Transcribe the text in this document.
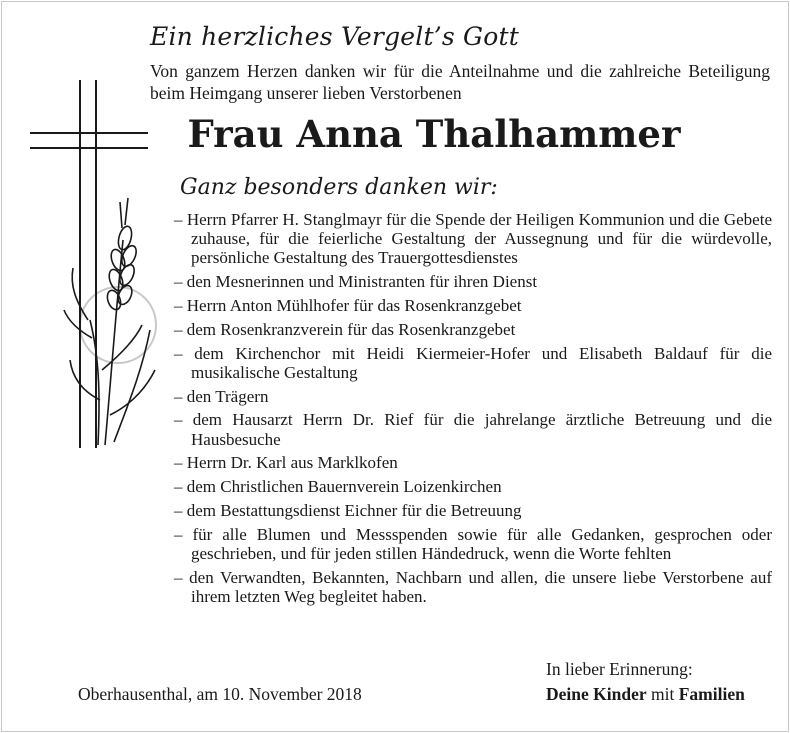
Ein herzliches Vergelt’s Gott
Von ganzem Herzen danken wir für die Anteilnahme und die zahlreiche Beteiligung beim Heimgang unserer lieben Verstorbenen
Frau Anna Thalhammer
Ganz besonders danken wir:
– Herrn Pfarrer H. Stanglmayr für die Spende der Heiligen Kommunion und die Gebete zuhause, für die feierliche Gestaltung der Aussegnung und für die würdevolle, persönliche Gestaltung des Trauergottesdienstes
– den Mesnerinnen und Ministranten für ihren Dienst
– Herrn Anton Mühlhofer für das Rosenkranzgebet
– dem Rosenkranzverein für das Rosenkranzgebet
– dem Kirchenchor mit Heidi Kiermeier-Hofer und Elisabeth Baldauf für die musikalische Gestaltung
– den Trägern
– dem Hausarzt Herrn Dr. Rief für die jahrelange ärztliche Betreuung und die Hausbesuche
– Herrn Dr. Karl aus Marklkofen
– dem Christlichen Bauernverein Loizenkirchen
– dem Bestattungsdienst Eichner für die Betreuung
– für alle Blumen und Messspenden sowie für alle Gedanken, gesprochen oder geschrieben, und für jeden stillen Händedruck, wenn die Worte fehlten
– den Verwandten, Bekannten, Nachbarn und allen, die unsere liebe Verstorbene auf ihrem letzten Weg begleitet haben.
In lieber Erinnerung:
Oberhausenthal, am 10. November 2018	Deine Kinder mit Familien
